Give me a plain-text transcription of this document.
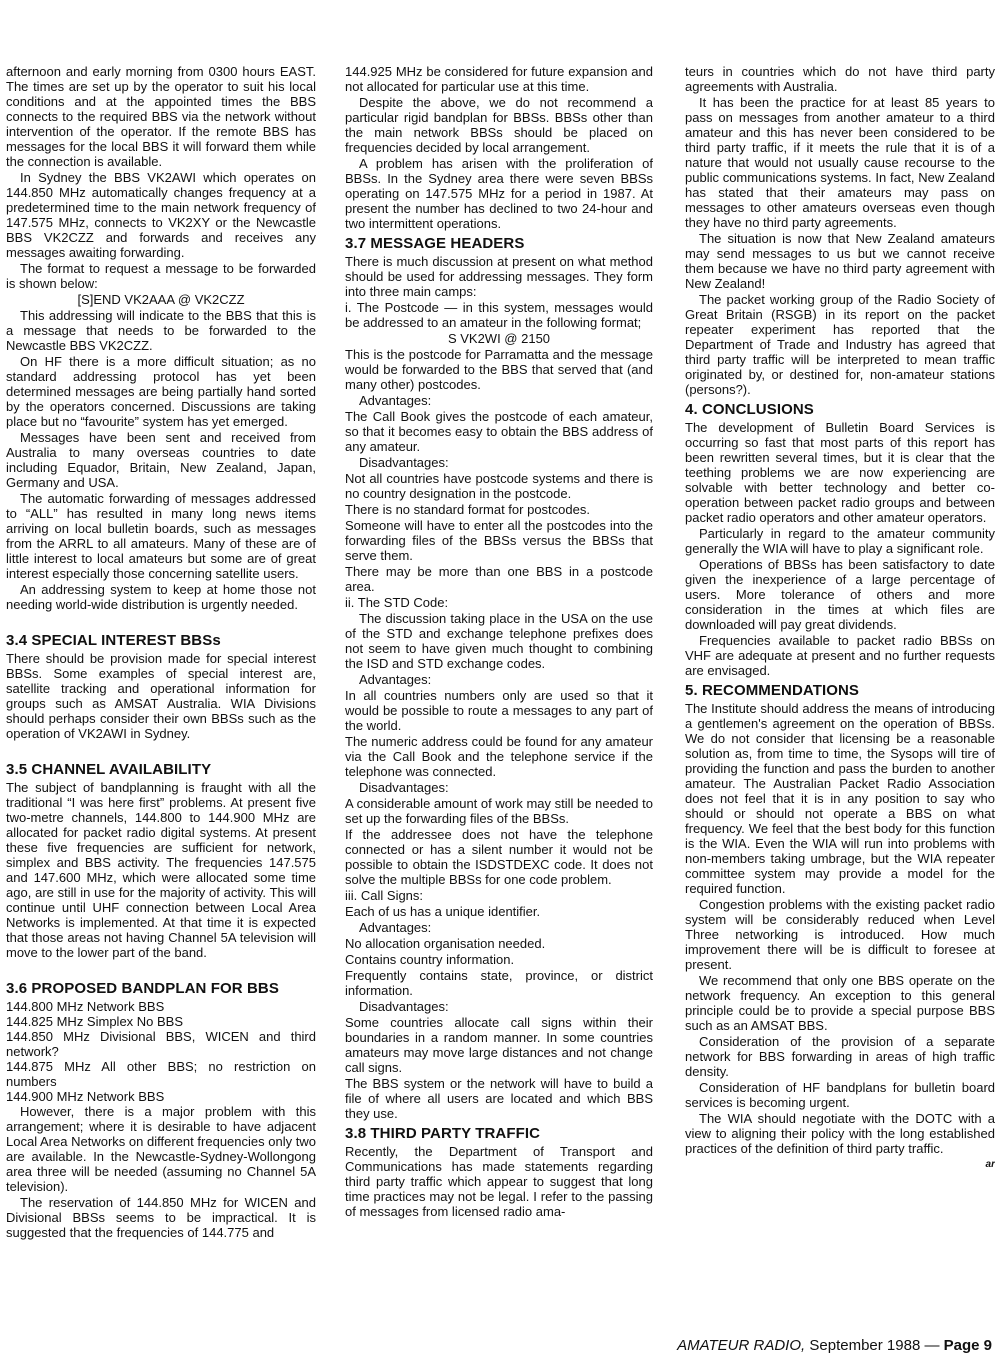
afternoon and early morning from 0300 hours EAST. The times are set up by the operator to suit his local conditions and at the appointed times the BBS connects to the required BBS via the network without intervention of the operator. If the remote BBS has messages for the local BBS it will forward them while the connection is available.

In Sydney the BBS VK2AWI which operates on 144.850 MHz automatically changes frequency at a predetermined time to the main network frequency of 147.575 MHz, connects to VK2XY or the Newcastle BBS VK2CZZ and forwards and receives any messages awaiting forwarding.

The format to request a message to be forwarded is shown below:

[S]END VK2AAA @ VK2CZZ

This addressing will indicate to the BBS that this is a message that needs to be forwarded to the Newcastle BBS VK2CZZ.

On HF there is a more difficult situation; as no standard addressing protocol has yet been determined messages are being partially hand sorted by the operators concerned. Discussions are taking place but no “favourite” system has yet emerged.

Messages have been sent and received from Australia to many overseas countries to date including Equador, Britain, New Zealand, Japan, Germany and USA.

The automatic forwarding of messages addressed to “ALL” has resulted in many long news items arriving on local bulletin boards, such as messages from the ARRL to all amateurs. Many of these are of little interest to local amateurs but some are of great interest especially those concerning satellite users.

An addressing system to keep at home those not needing world-wide distribution is urgently needed.

3.4 SPECIAL INTEREST BBSs

There should be provision made for special interest BBSs. Some examples of special interest are, satellite tracking and operational information for groups such as AMSAT Australia. WIA Divisions should perhaps consider their own BBSs such as the operation of VK2AWI in Sydney.

3.5 CHANNEL AVAILABILITY

The subject of bandplanning is fraught with all the traditional “I was here first” problems. At present five two-metre channels, 144.800 to 144.900 MHz are allocated for packet radio digital systems. At present these five frequencies are sufficient for network, simplex and BBS activity. The frequencies 147.575 and 147.600 MHz, which were allocated some time ago, are still in use for the majority of activity. This will continue until UHF connection between Local Area Networks is implemented. At that time it is expected that those areas not having Channel 5A television will move to the lower part of the band.

3.6 PROPOSED BANDPLAN FOR BBS

144.800 MHz Network BBS

144.825 MHz Simplex No BBS

144.850 MHz Divisional BBS, WICEN and third network?

144.875 MHz All other BBS; no restriction on numbers

144.900 MHz Network BBS

However, there is a major problem with this arrangement; where it is desirable to have adjacent Local Area Networks on different frequencies only two are available. In the Newcastle-Sydney-Wollongong area three will be needed (assuming no Channel 5A television).

The reservation of 144.850 MHz for WICEN and Divisional BBSs seems to be impractical. It is suggested that the frequencies of 144.775 and

144.925 MHz be considered for future expansion and not allocated for particular use at this time.

Despite the above, we do not recommend a particular rigid bandplan for BBSs. BBSs other than the main network BBSs should be placed on frequencies decided by local arrangement.

A problem has arisen with the proliferation of BBSs. In the Sydney area there were seven BBSs operating on 147.575 MHz for a period in 1987. At present the number has declined to two 24-hour and two intermittent operations.

3.7 MESSAGE HEADERS

There is much discussion at present on what method should be used for addressing messages. They form into three main camps:

i. The Postcode — in this system, messages would be addressed to an amateur in the following format;

S VK2WI @ 2150

This is the postcode for Parramatta and the message would be forwarded to the BBS that served that (and many other) postcodes.

Advantages:

The Call Book gives the postcode of each amateur, so that it becomes easy to obtain the BBS address of any amateur.

Disadvantages:

Not all countries have postcode systems and there is no country designation in the postcode.

There is no standard format for postcodes.

Someone will have to enter all the postcodes into the forwarding files of the BBSs versus the BBSs that serve them.

There may be more than one BBS in a postcode area.

ii. The STD Code:

The discussion taking place in the USA on the use of the STD and exchange telephone prefixes does not seem to have given much thought to combining the ISD and STD exchange codes.

Advantages:

In all countries numbers only are used so that it would be possible to route a messages to any part of the world.

The numeric address could be found for any amateur via the Call Book and the telephone service if the telephone was connected.

Disadvantages:

A considerable amount of work may still be needed to set up the forwarding files of the BBSs.

If the addressee does not have the telephone connected or has a silent number it would not be possible to obtain the ISDSTDEXC code. It does not solve the multiple BBSs for one code problem.

iii. Call Signs:

Each of us has a unique identifier.

Advantages:

No allocation organisation needed.

Contains country information.

Frequently contains state, province, or district information.

Disadvantages:

Some countries allocate call signs within their boundaries in a random manner. In some countries amateurs may move large distances and not change call signs.

The BBS system or the network will have to build a file of where all users are located and which BBS they use.

3.8 THIRD PARTY TRAFFIC

Recently, the Department of Transport and Communications has made statements regarding third party traffic which appear to suggest that long time practices may not be legal. I refer to the passing of messages from licensed radio ama-

teurs in countries which do not have third party agreements with Australia.

It has been the practice for at least 85 years to pass on messages from another amateur to a third amateur and this has never been considered to be third party traffic, if it meets the rule that it is of a nature that would not usually cause recourse to the public communications systems. In fact, New Zealand has stated that their amateurs may pass on messages to other amateurs overseas even though they have no third party agreements.

The situation is now that New Zealand amateurs may send messages to us but we cannot receive them because we have no third party agreement with New Zealand!

The packet working group of the Radio Society of Great Britain (RSGB) in its report on the packet repeater experiment has reported that the Department of Trade and Industry has agreed that third party traffic will be interpreted to mean traffic originated by, or destined for, non-amateur stations (persons?).

4. CONCLUSIONS

The development of Bulletin Board Services is occurring so fast that most parts of this report has been rewritten several times, but it is clear that the teething problems we are now experiencing are solvable with better technology and better co-operation between packet radio groups and between packet radio operators and other amateur operators.

Particularly in regard to the amateur community generally the WIA will have to play a significant role.

Operations of BBSs has been satisfactory to date given the inexperience of a large percentage of users. More tolerance of others and more consideration in the times at which files are downloaded will pay great dividends.

Frequencies available to packet radio BBSs on VHF are adequate at present and no further requests are envisaged.

5. RECOMMENDATIONS

The Institute should address the means of introducing a gentlemen's agreement on the operation of BBSs. We do not consider that licensing be a reasonable solution as, from time to time, the Sysops will tire of providing the function and pass the burden to another amateur. The Australian Packet Radio Association does not feel that it is in any position to say who should or should not operate a BBS on what frequency. We feel that the best body for this function is the WIA. Even the WIA will run into problems with non-members taking umbrage, but the WIA repeater committee system may provide a model for the required function.

Congestion problems with the existing packet radio system will be considerably reduced when Level Three networking is introduced. How much improvement there will be is difficult to foresee at present.

We recommend that only one BBS operate on the network frequency. An exception to this general principle could be to provide a special purpose BBS such as an AMSAT BBS.

Consideration of the provision of a separate network for BBS forwarding in areas of high traffic density.

Consideration of HF bandplans for bulletin board services is becoming urgent.

The WIA should negotiate with the DOTC with a view to aligning their policy with the long established practices of the definition of third party traffic.

ar
AMATEUR RADIO, September 1988 — Page 9
